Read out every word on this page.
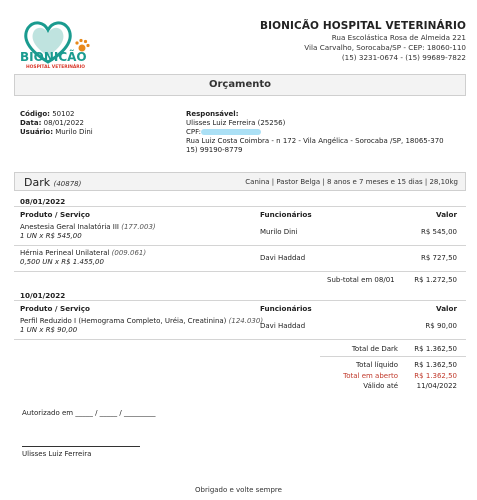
BIONICÃO
HOSPITAL VETERINÁRIO
BIONICÃO HOSPITAL VETERINÁRIO
Rua Escolástica Rosa de Almeida 221
Vila Carvalho, Sorocaba/SP - CEP: 18060-110
(15) 3231-0674 - (15) 99689-7822
Orçamento
Código: 50102
Data: 08/01/2022
Usuário: Murilo Dini
Responsável:
Ulisses Luiz Ferreira (25256)
CPF:
Rua Luiz Costa Coimbra - n 172 - Vila Angélica - Sorocaba /SP, 18065-370
15) 99190-8779
Dark (40878)	Canina | Pastor Belga | 8 anos e 7 meses e 15 dias | 28,10kg
08/01/2022
Produto / Serviço	Funcionários	Valor
Anestesia Geral Inalatória III (177.003)
1 UN x R$ 545,00	Murilo Dini	R$ 545,00
Hérnia Perineal Unilateral (009.061)
0,500 UN x R$ 1.455,00	Davi Haddad	R$ 727,50
Sub-total em 08/01	R$ 1.272,50
10/01/2022
Produto / Serviço	Funcionários	Valor
Perfil Reduzido I (Hemograma Completo, Uréia, Creatinina) (124.030)
1 UN x R$ 90,00	Davi Haddad	R$ 90,00
Total de Dark R$ 1.362,50
Total líquido R$ 1.362,50
Total em aberto R$ 1.362,50
Válido até	11/04/2022
Autorizado em _____ / _____ / _________
Ulisses Luiz Ferreira
Obrigado e volte sempre
